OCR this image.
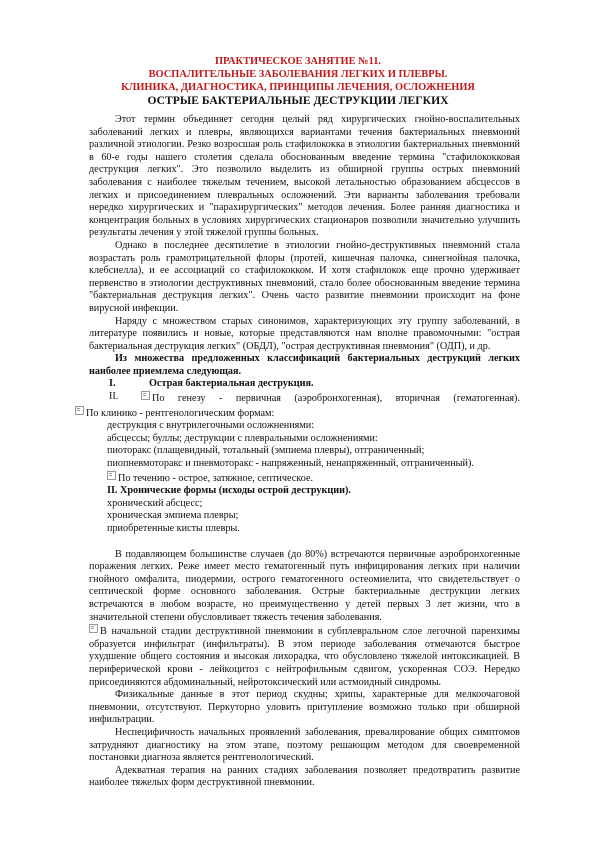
ПРАКТИЧЕСКОЕ ЗАНЯТИЕ №11.
ВОСПАЛИТЕЛЬНЫЕ ЗАБОЛЕВАНИЯ ЛЕГКИХ И ПЛЕВРЫ.
КЛИНИКА, ДИАГНОСТИКА, ПРИНЦИПЫ ЛЕЧЕНИЯ, ОСЛОЖНЕНИЯ
ОСТРЫЕ БАКТЕРИАЛЬНЫЕ ДЕСТРУКЦИИ ЛЕГКИХ

Этот термин объединяет сегодня целый ряд хирургических гнойно-воспалительных заболеваний легких и плевры, являющихся вариантами течения бактериальных пневмоний различной этиологии. Резко возросшая роль стафилококка в этиологии бактериальных пневмоний в 60-е годы нашего столетия сделала обоснованным введение термина "стафилококковая деструкция легких". Это позволило выделить из обширной группы острых пневмоний заболевания с наиболее тяжелым течением, высокой летальностью образованием абсцессов в легких и присоединением плевральных осложнений. Эти варианты заболевания требовали нередко хирургических и "парахирургических" методов лечения. Более ранняя диагностика и концентрация больных в условиях хирургических стационаров позволили значительно улучшить результаты лечения у этой тяжелой группы больных.

Однако в последнее десятилетие в этиологии гнойно-деструктивных пневмоний стала возрастать роль грамотрицательной флоры (протей, кишечная палочка, синегнойная палочка, клебсиелла), и ее ассоциаций со стафилококком. И хотя стафилокок еще прочно удерживает первенство в этиологии деструктивных пневмоний, стало более обоснованным введение термина "бактериальная деструкция легких". Очень часто развитие пневмонии происходит на фоне вирусной инфекции.

Наряду с множеством старых синонимов, характеризующих эту группу заболеваний, в литературе появились и новые, которые представляются нам вполне правомочными: "острая бактериальная деструкция легких" (ОБДЛ), "острая деструктивная пневмония" (ОДП), и др.

Из множества предложенных классификаций бактериальных деструкций легких наиболее приемлема следующая.

I.	Острая бактериальная деструкция.
II.	По генезу - первичная (аэробронхогенная), вторичная (гематогенная).

По клинико - рентгенологическим формам:

деструкция с внутрилегочными осложнениями:

абсцессы; буллы; деструкции с плевральными осложнениями:

пиоторакс (плащевидный, тотальный (эмпиема плевры), отграниченный;

пиопневмоторакс и пневмоторакс - напряженный, ненапряженный, отграниченный).

По течению - острое, затяжное, септическое.

II. Хронические формы (исходы острой деструкции).

хронический абсцесс;

хроническая эмпиема плевры;

приобретенные кисты плевры.

В подавляющем большинстве случаев (до 80%) встречаются первичные аэробронхогенные поражения легких. Реже имеет место гематогенный путь инфицирования легких при наличии гнойного омфалита, пиодермии, острого гематогенного остеомиелита, что свидетельствует о септической форме основного заболевания. Острые бактериальные деструкции легких встречаются в любом возрасте, но преимущественно у детей первых 3 лет жизни, что в значительной степени обусловливает тяжесть течения заболевания.

В начальной стадии деструктивной пневмонии в субплевральном слое легочной паренхимы образуется инфильтрат (инфильтраты). В этом периоде заболевания отмечаются быстрое ухудшение общего состояния и высокая лихорадка, что обусловлено тяжелой интоксикацией. В периферической крови - лейкоцитоз с нейтрофильным сдвигом, ускоренная СОЭ. Нередко присоединяются абдоминальный, нейротоксический или астмоидный синдромы.

Физикальные данные в этот период скудны; хрипы, характерные для мелкоочаговой пневмонии, отсутствуют. Перкуторно уловить притупление возможно только при обширной инфильтрации.

Неспецифичность начальных проявлений заболевания, превалирование общих симптомов затрудняют диагностику на этом этапе, поэтому решающим методом для своевременной постановки диагноза является рентгенологический.

Адекватная терапия на ранних стадиях заболевания позволяет предотвратить развитие наиболее тяжелых форм деструктивной пневмонии.
